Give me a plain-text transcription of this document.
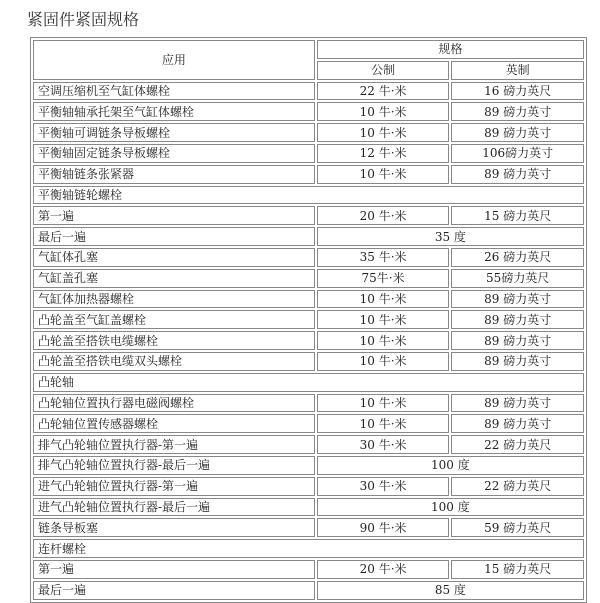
紧固件紧固规格
应用	规格	
	公制	英制
空调压缩机至气缸体螺栓	22 牛·米	16 磅力英尺
平衡轴轴承托架至气缸体螺栓	10 牛·米	89 磅力英寸
平衡轴可调链条导板螺栓	10 牛·米	89 磅力英寸
平衡轴固定链条导板螺栓	12 牛·米	106磅力英寸
平衡轴链条张紧器	10 牛·米	89 磅力英寸
平衡轴链轮螺栓		
第一遍	20 牛·米	15 磅力英尺
最后一遍	35 度	
气缸体孔塞	35 牛·米	26 磅力英尺
气缸盖孔塞	75牛·米	55磅力英尺
气缸体加热器螺栓	10 牛·米	89 磅力英寸
凸轮盖至气缸盖螺栓	10 牛·米	89 磅力英寸
凸轮盖至搭铁电缆螺栓	10 牛·米	89 磅力英寸
凸轮盖至搭铁电缆双头螺栓	10 牛·米	89 磅力英寸
凸轮轴		
凸轮轴位置执行器电磁阀螺栓	10 牛·米	89 磅力英寸
凸轮轴位置传感器螺栓	10 牛·米	89 磅力英寸
排气凸轮轴位置执行器-第一遍	30 牛·米	22 磅力英尺
排气凸轮轴位置执行器-最后一遍	100 度	
进气凸轮轴位置执行器-第一遍	30 牛·米	22 磅力英尺
进气凸轮轴位置执行器-最后一遍	100 度	
链条导板塞	90 牛·米	59 磅力英尺
连杆螺栓		
第一遍	20 牛·米	15 磅力英尺
最后一遍	85 度	
